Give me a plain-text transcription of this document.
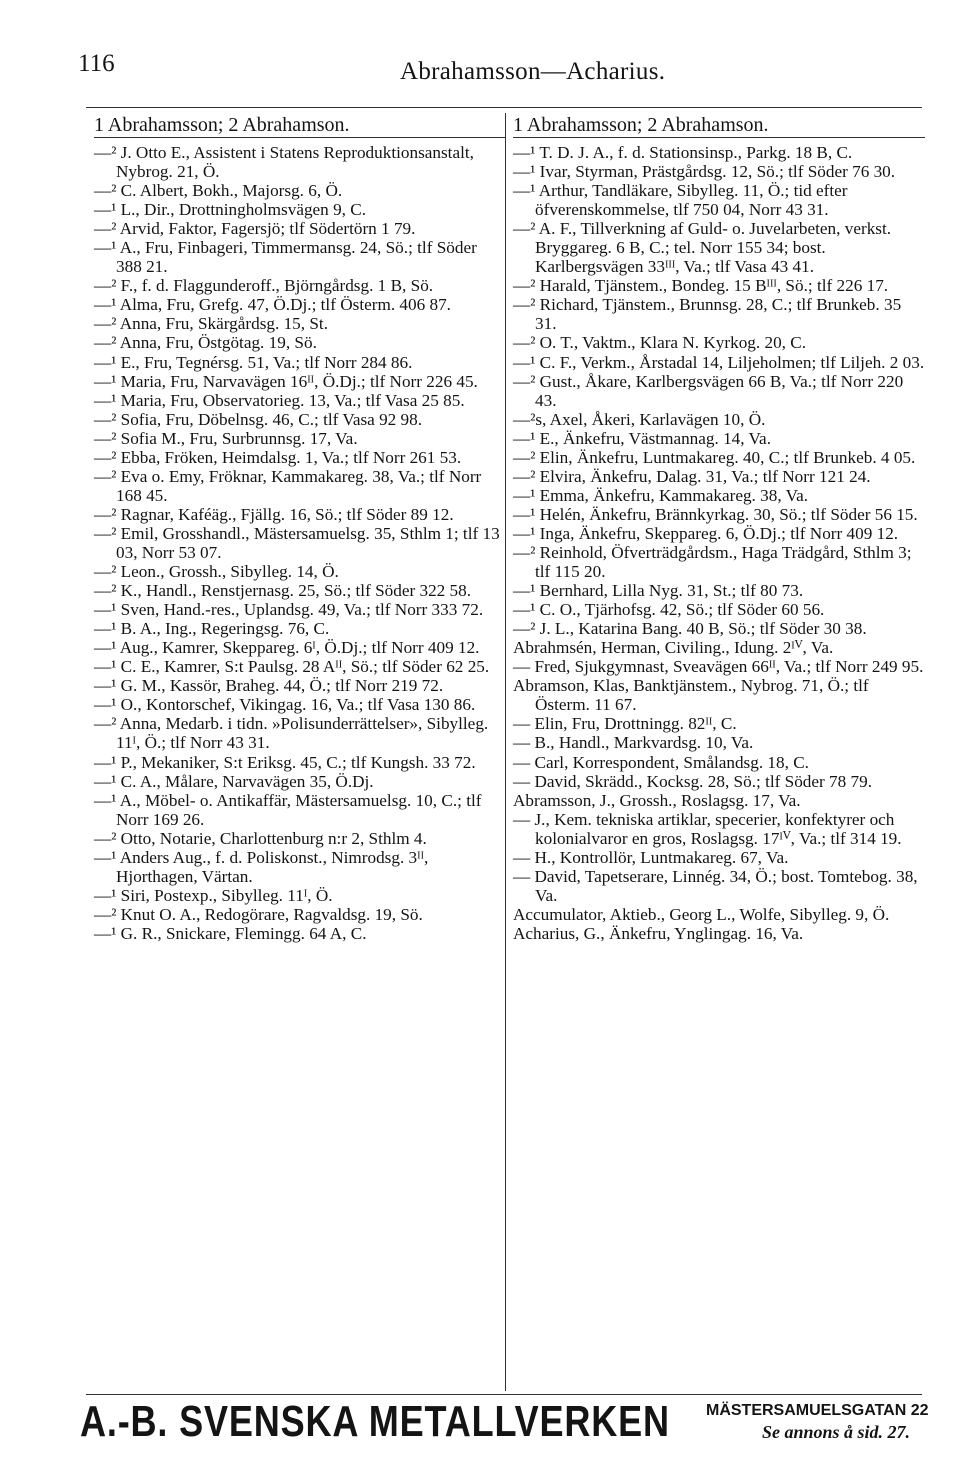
116	Abrahamsson—Acharius.
1 Abrahamsson; 2 Abrahamson.

—² J. Otto E., Assistent i Statens Reproduktionsanstalt, Nybrog. 21, Ö.

—² C. Albert, Bokh., Majorsg. 6, Ö.

—¹ L., Dir., Drottningholmsvägen 9, C.

—² Arvid, Faktor, Fagersjö; tlf Södertörn 1 79.

—¹ A., Fru, Finbageri, Timmermansg. 24, Sö.; tlf Söder 388 21.

—² F., f. d. Flaggunderoff., Björngårdsg. 1 B, Sö.

—¹ Alma, Fru, Grefg. 47, Ö.Dj.; tlf Österm. 406 87.

—² Anna, Fru, Skärgårdsg. 15, St.

—² Anna, Fru, Östgötag. 19, Sö.

—¹ E., Fru, Tegnérsg. 51, Va.; tlf Norr 284 86.

—¹ Maria, Fru, Narvavägen 16ᴵᴵ, Ö.Dj.; tlf Norr 226 45.

—¹ Maria, Fru, Observatorieg. 13, Va.; tlf Vasa 25 85.

—² Sofia, Fru, Döbelnsg. 46, C.; tlf Vasa 92 98.

—² Sofia M., Fru, Surbrunnsg. 17, Va.

—² Ebba, Fröken, Heimdalsg. 1, Va.; tlf Norr 261 53.

—² Eva o. Emy, Fröknar, Kammakareg. 38, Va.; tlf Norr 168 45.

—² Ragnar, Kaféäg., Fjällg. 16, Sö.; tlf Söder 89 12.

—² Emil, Grosshandl., Mästersamuelsg. 35, Sthlm 1; tlf 13 03, Norr 53 07.

—² Leon., Grossh., Sibylleg. 14, Ö.

—² K., Handl., Renstjernasg. 25, Sö.; tlf Söder 322 58.

—¹ Sven, Hand.-res., Uplandsg. 49, Va.; tlf Norr 333 72.

—¹ B. A., Ing., Regeringsg. 76, C.

—¹ Aug., Kamrer, Skeppareg. 6ᴵ, Ö.Dj.; tlf Norr 409 12.

—¹ C. E., Kamrer, S:t Paulsg. 28 Aᴵᴵ, Sö.; tlf Söder 62 25.

—¹ G. M., Kassör, Braheg. 44, Ö.; tlf Norr 219 72.

—¹ O., Kontorschef, Vikingag. 16, Va.; tlf Vasa 130 86.

—² Anna, Medarb. i tidn. »Polisunderrättelser», Sibylleg. 11ᴵ, Ö.; tlf Norr 43 31.

—¹ P., Mekaniker, S:t Eriksg. 45, C.; tlf Kungsh. 33 72.

—¹ C. A., Målare, Narvavägen 35, Ö.Dj.

—¹ A., Möbel- o. Antikaffär, Mästersamuelsg. 10, C.; tlf Norr 169 26.

—² Otto, Notarie, Charlottenburg n:r 2, Sthlm 4.

—¹ Anders Aug., f. d. Poliskonst., Nimrodsg. 3ᴵᴵ, Hjorthagen, Värtan.

—¹ Siri, Postexp., Sibylleg. 11ᴵ, Ö.

—² Knut O. A., Redogörare, Ragvaldsg. 19, Sö.

—¹ G. R., Snickare, Flemingg. 64 A, C.

1 Abrahamsson; 2 Abrahamson.

—¹ T. D. J. A., f. d. Stationsinsp., Parkg. 18 B, C.

—¹ Ivar, Styrman, Prästgårdsg. 12, Sö.; tlf Söder 76 30.

—¹ Arthur, Tandläkare, Sibylleg. 11, Ö.; tid efter öfverenskommelse, tlf 750 04, Norr 43 31.

—² A. F., Tillverkning af Guld- o. Juvelarbeten, verkst. Bryggareg. 6 B, C.; tel. Norr 155 34; bost. Karlbergsvägen 33ᴵᴵᴵ, Va.; tlf Vasa 43 41.

—² Harald, Tjänstem., Bondeg. 15 Bᴵᴵᴵ, Sö.; tlf 226 17.

—² Richard, Tjänstem., Brunnsg. 28, C.; tlf Brunkeb. 35 31.

—² O. T., Vaktm., Klara N. Kyrkog. 20, C.

—¹ C. F., Verkm., Årstadal 14, Liljeholmen; tlf Liljeh. 2 03.

—² Gust., Åkare, Karlbergsvägen 66 B, Va.; tlf Norr 220 43.

—²s, Axel, Åkeri, Karlavägen 10, Ö.

—¹ E., Änkefru, Västmannag. 14, Va.

—² Elin, Änkefru, Luntmakareg. 40, C.; tlf Brunkeb. 4 05.

—² Elvira, Änkefru, Dalag. 31, Va.; tlf Norr 121 24.

—¹ Emma, Änkefru, Kammakareg. 38, Va.

—¹ Helén, Änkefru, Brännkyrkag. 30, Sö.; tlf Söder 56 15.

—¹ Inga, Änkefru, Skeppareg. 6, Ö.Dj.; tlf Norr 409 12.

—² Reinhold, Öfverträdgårdsm., Haga Trädgård, Sthlm 3; tlf 115 20.

—¹ Bernhard, Lilla Nyg. 31, St.; tlf 80 73.

—¹ C. O., Tjärhofsg. 42, Sö.; tlf Söder 60 56.

—² J. L., Katarina Bang. 40 B, Sö.; tlf Söder 30 38.

Abrahmsén, Herman, Civiling., Idung. 2ᴵⱽ, Va.

— Fred, Sjukgymnast, Sveavägen 66ᴵᴵ, Va.; tlf Norr 249 95.

Abramson, Klas, Banktjänstem., Nybrog. 71, Ö.; tlf Österm. 11 67.

— Elin, Fru, Drottningg. 82ᴵᴵ, C.

— B., Handl., Markvardsg. 10, Va.

— Carl, Korrespondent, Smålandsg. 18, C.

— David, Skrädd., Kocksg. 28, Sö.; tlf Söder 78 79.

Abramsson, J., Grossh., Roslagsg. 17, Va.

— J., Kem. tekniska artiklar, specerier, konfektyrer och kolonialvaror en gros, Roslagsg. 17ᴵⱽ, Va.; tlf 314 19.

— H., Kontrollör, Luntmakareg. 67, Va.

— David, Tapetserare, Linnég. 34, Ö.; bost. Tomtebog. 38, Va.

Accumulator, Aktieb., Georg L., Wolfe, Sibylleg. 9, Ö.

Acharius, G., Änkefru, Ynglingag. 16, Va.

A.-B. SVENSKA METALLVERKEN MÄSTERSAMUELSGATAN 22
Se annons å sid. 27.
